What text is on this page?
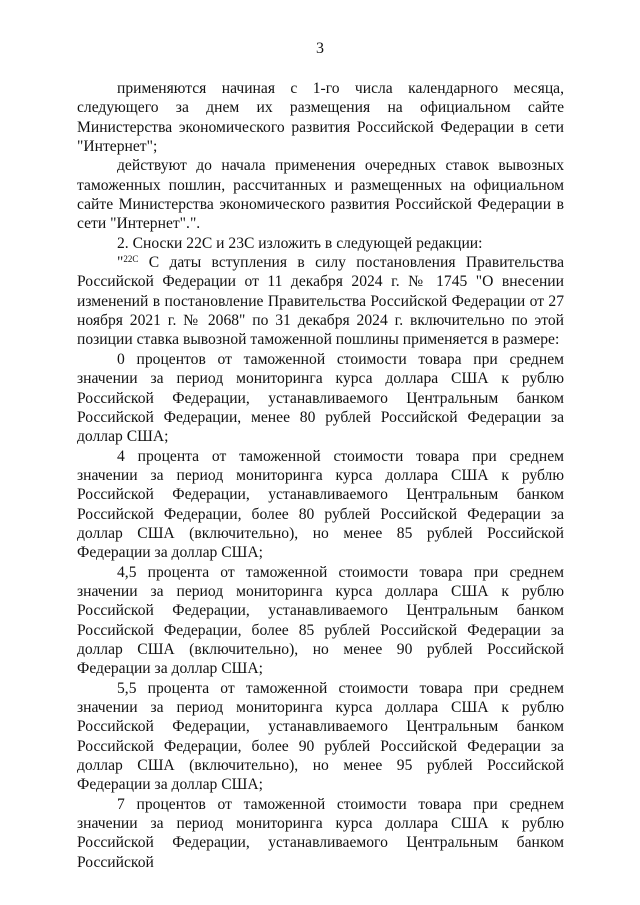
3

применяются начиная с 1-го числа календарного месяца, следующего за днем их размещения на официальном сайте Министерства экономического развития Российской Федерации в сети "Интернет";

действуют до начала применения очередных ставок вывозных таможенных пошлин, рассчитанных и размещенных на официальном сайте Министерства экономического развития Российской Федерации в сети "Интернет".".

2. Сноски 22С и 23С изложить в следующей редакции:

"$^{22С}$ С даты вступления в силу постановления Правительства Российской Федерации от 11 декабря 2024 г. № 1745 "О внесении изменений в постановление Правительства Российской Федерации от 27 ноября 2021 г. № 2068" по 31 декабря 2024 г. включительно по этой позиции ставка вывозной таможенной пошлины применяется в размере:

0 процентов от таможенной стоимости товара при среднем значении за период мониторинга курса доллара США к рублю Российской Федерации, устанавливаемого Центральным банком Российской Федерации, менее 80 рублей Российской Федерации за доллар США;

4 процента от таможенной стоимости товара при среднем значении за период мониторинга курса доллара США к рублю Российской Федерации, устанавливаемого Центральным банком Российской Федерации, более 80 рублей Российской Федерации за доллар США (включительно), но менее 85 рублей Российской Федерации за доллар США;

4,5 процента от таможенной стоимости товара при среднем значении за период мониторинга курса доллара США к рублю Российской Федерации, устанавливаемого Центральным банком Российской Федерации, более 85 рублей Российской Федерации за доллар США (включительно), но менее 90 рублей Российской Федерации за доллар США;

5,5 процента от таможенной стоимости товара при среднем значении за период мониторинга курса доллара США к рублю Российской Федерации, устанавливаемого Центральным банком Российской Федерации, более 90 рублей Российской Федерации за доллар США (включительно), но менее 95 рублей Российской Федерации за доллар США;

7 процентов от таможенной стоимости товара при среднем значении за период мониторинга курса доллара США к рублю Российской Федерации, устанавливаемого Центральным банком Российской
